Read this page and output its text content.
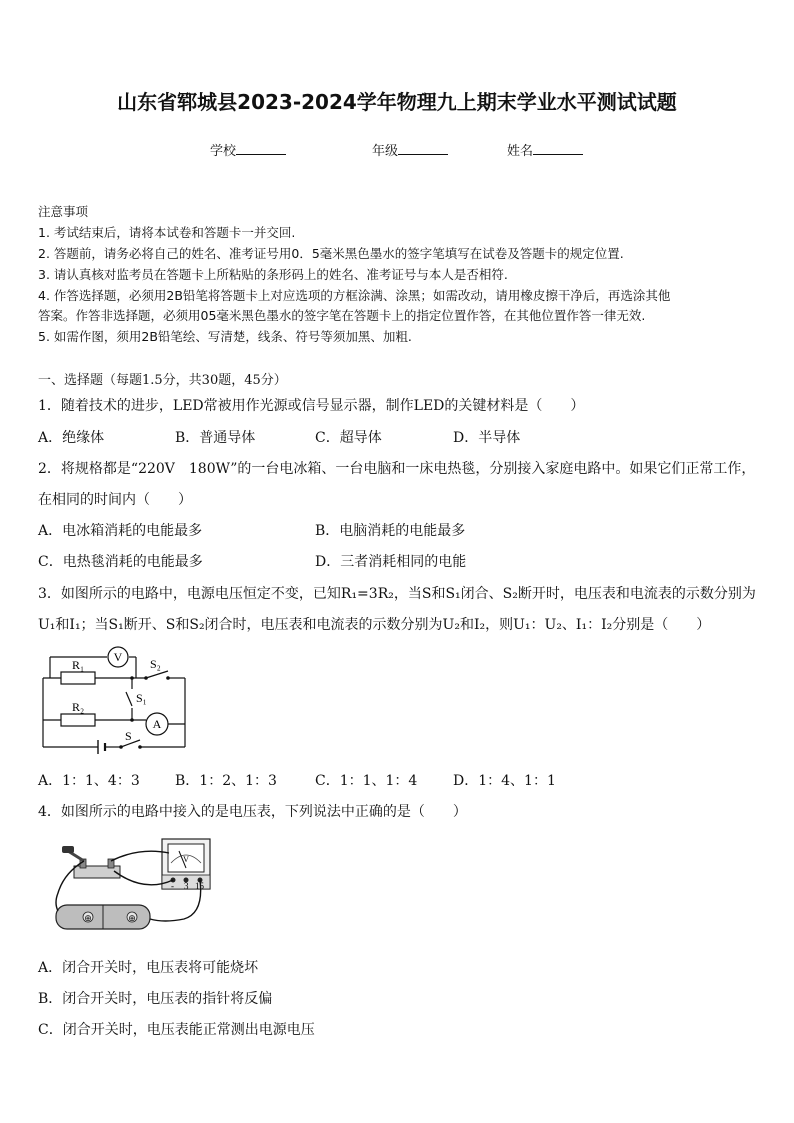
山东省郓城县2023-2024学年物理九上期末学业水平测试试题
学校	年级	姓名
注意事项
1. 考试结束后，请将本试卷和答题卡一并交回.
2. 答题前，请务必将自己的姓名、准考证号用0．5毫米黑色墨水的签字笔填写在试卷及答题卡的规定位置.
3. 请认真核对监考员在答题卡上所粘贴的条形码上的姓名、准考证号与本人是否相符.
4. 作答选择题，必须用2B铅笔将答题卡上对应选项的方框涂满、涂黑；如需改动，请用橡皮擦干净后，再选涂其他
答案。作答非选择题，必须用05毫米黑色墨水的签字笔在答题卡上的指定位置作答，在其他位置作答一律无效.
5. 如需作图，须用2B铅笔绘、写清楚，线条、符号等须加黑、加粗.
一、选择题（每题1.5分，共30题，45分）
1．随着技术的进步，LED常被用作光源或信号显示器，制作LED的关键材料是（　　）
A．绝缘体	B．普通导体	C．超导体	D．半导体
2．将规格都是“220V　180W”的一台电冰箱、一台电脑和一床电热毯，分别接入家庭电路中。如果它们正常工作，
在相同的时间内（　　）
A．电冰箱消耗的电能最多	B．电脑消耗的电能最多
C．电热毯消耗的电能最多	D．三者消耗相同的电能
3．如图所示的电路中，电源电压恒定不变，已知R₁=3R₂，当S和S₁闭合、S₂断开时，电压表和电流表的示数分别为
U₁和I₁；当S₁断开、S和S₂闭合时，电压表和电流表的示数分别为U₂和I₂，则U₁：U₂、I₁：I₂分别是（　　）
R₁
R₂
V
A
S₂
S₁
S
A．1：1、4：3	B．1：2、1：3	C．1：1、1：4	D．1：4、1：1
4．如图所示的电路中接入的是电压表，下列说法中正确的是（　　）
V
- 3 15
⊕	⊕
A．闭合开关时，电压表将可能烧坏
B．闭合开关时，电压表的指针将反偏
C．闭合开关时，电压表能正常测出电源电压
